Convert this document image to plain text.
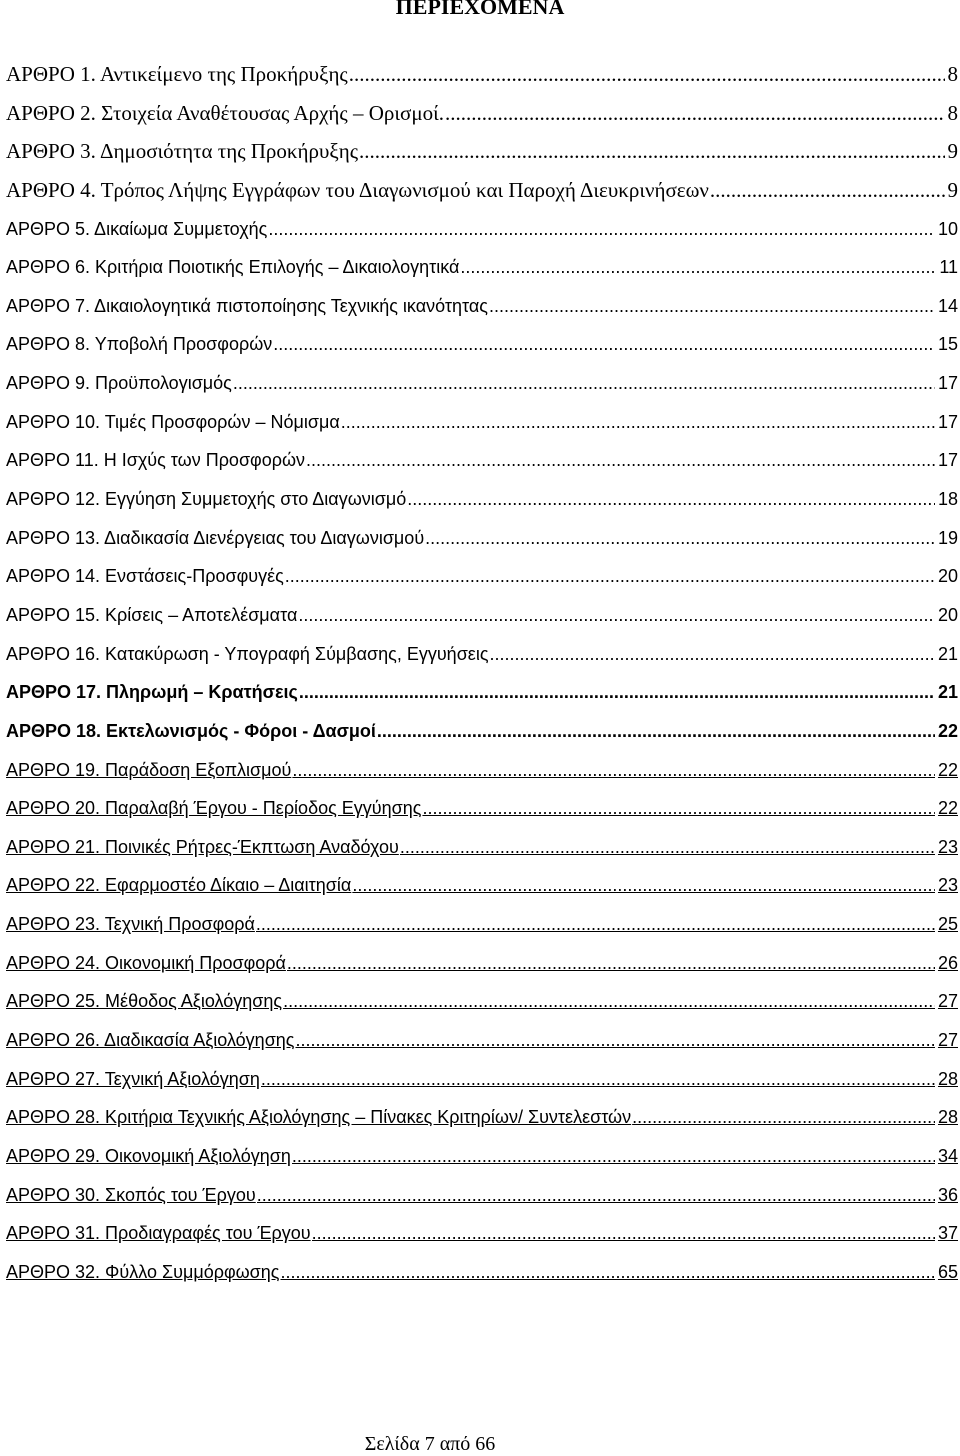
ΠΕΡΙΕΧΟΜΕΝΑ
ΑΡΘΡΟ 1. Αντικείμενο της Προκήρυξης .....	8
ΑΡΘΡΟ 2. Στοιχεία Αναθέτουσας Αρχής – Ορισμοί. .....	8
ΑΡΘΡΟ 3. Δημοσιότητα της Προκήρυξης .....	9
ΑΡΘΡΟ 4. Τρόπος Λήψης Εγγράφων του Διαγωνισμού και Παροχή Διευκρινήσεων .....	9
ΑΡΘΡΟ 5. Δικαίωμα Συμμετοχής .....	10
ΑΡΘΡΟ 6. Κριτήρια Ποιοτικής Επιλογής – Δικαιολογητικά .....	11
ΑΡΘΡΟ 7. Δικαιολογητικά πιστοποίησης Τεχνικής ικανότητας .....	14
ΑΡΘΡΟ 8. Υποβολή Προσφορών .....	15
ΑΡΘΡΟ 9. Προϋπολογισμός .....	17
ΑΡΘΡΟ 10. Τιμές Προσφορών – Νόμισμα .....	17
ΑΡΘΡΟ 11. Η Ισχύς των Προσφορών .....	17
ΑΡΘΡΟ 12. Εγγύηση Συμμετοχής στο Διαγωνισμό .....	18
ΑΡΘΡΟ 13. Διαδικασία Διενέργειας του Διαγωνισμού .....	19
ΑΡΘΡΟ 14. Ενστάσεις-Προσφυγές .....	20
ΑΡΘΡΟ 15. Κρίσεις – Αποτελέσματα .....	20
ΑΡΘΡΟ 16. Κατακύρωση - Υπογραφή Σύμβασης, Εγγυήσεις .....	21
ΑΡΘΡΟ 17. Πληρωμή – Κρατήσεις .....	21
ΑΡΘΡΟ 18. Εκτελωνισμός - Φόροι - Δασμοί .....	22
ΑΡΘΡΟ 19. Παράδοση Εξοπλισμού .....	22
ΑΡΘΡΟ 20. Παραλαβή Έργου - Περίοδος Εγγύησης .....	22
ΑΡΘΡΟ 21. Ποινικές Ρήτρες-Έκπτωση Αναδόχου .....	23
ΑΡΘΡΟ 22. Εφαρμοστέο Δίκαιο – Διαιτησία .....	23
ΑΡΘΡΟ 23. Τεχνική Προσφορά .....	25
ΑΡΘΡΟ 24. Οικονομική Προσφορά .....	26
ΑΡΘΡΟ 25. Μέθοδος Αξιολόγησης .....	27
ΑΡΘΡΟ 26. Διαδικασία Αξιολόγησης .....	27
ΑΡΘΡΟ 27. Τεχνική Αξιολόγηση .....	28
ΑΡΘΡΟ 28. Κριτήρια Τεχνικής Αξιολόγησης – Πίνακες Κριτηρίων/ Συντελεστών .....	28
ΑΡΘΡΟ 29. Οικονομική Αξιολόγηση .....	34
ΑΡΘΡΟ 30. Σκοπός του Έργου .....	36
ΑΡΘΡΟ 31. Προδιαγραφές του Έργου .....	37
ΑΡΘΡΟ 32. Φύλλο Συμμόρφωσης .....	65
Σελίδα 7 από 66
